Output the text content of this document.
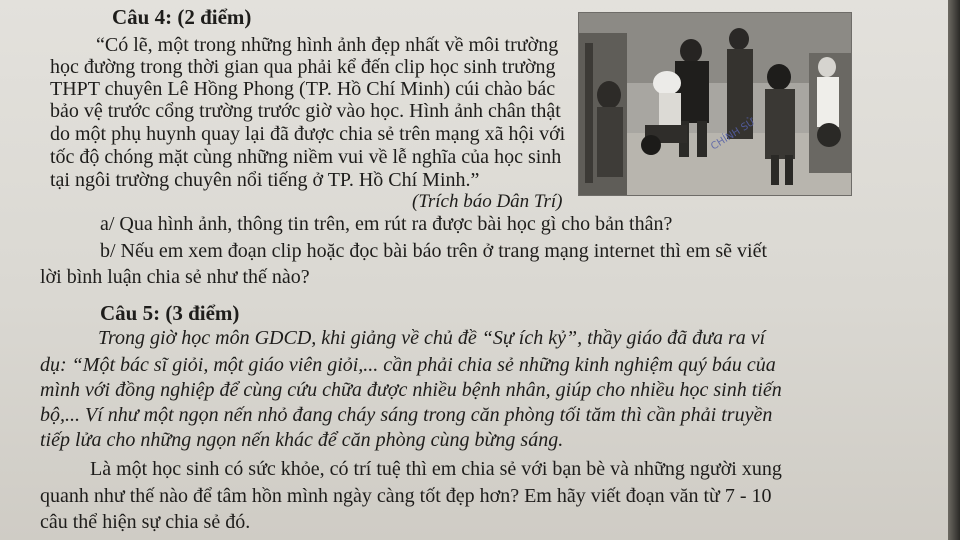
Câu 4: (2 điểm)
“Có lẽ, một trong những hình ảnh đẹp nhất về môi trường
học đường trong thời gian qua phải kể đến clip học sinh trường
THPT chuyên Lê Hồng Phong (TP. Hồ Chí Minh) cúi chào bác
bảo vệ trước cổng trường trước giờ vào học. Hình ảnh chân thật
do một phụ huynh quay lại đã được chia sẻ trên mạng xã hội với
tốc độ chóng mặt cùng những niềm vui về lễ nghĩa của học sinh
tại ngôi trường chuyên nổi tiếng ở TP. Hồ Chí Minh.”
(Trích báo Dân Trí)
CHÍNH SỬ
a/ Qua hình ảnh, thông tin trên, em rút ra được bài học gì cho bản thân?
b/ Nếu em xem đoạn clip hoặc đọc bài báo trên ở trang mạng internet thì em sẽ viết
lời bình luận chia sẻ như thế nào?
Câu 5: (3 điểm)
Trong giờ học môn GDCD, khi giảng về chủ đề “Sự ích kỷ”, thầy giáo đã đưa ra ví
dụ: “Một bác sĩ giỏi, một giáo viên giỏi,... cần phải chia sẻ những kinh nghiệm quý báu của
mình với đồng nghiệp để cùng cứu chữa được nhiều bệnh nhân, giúp cho nhiều học sinh tiến
bộ,... Ví như một ngọn nến nhỏ đang cháy sáng trong căn phòng tối tăm thì cần phải truyền
tiếp lửa cho những ngọn nến khác để căn phòng cùng bừng sáng.
Là một học sinh có sức khỏe, có trí tuệ thì em chia sẻ với bạn bè và những người xung
quanh như thế nào để tâm hồn mình ngày càng tốt đẹp hơn? Em hãy viết đoạn văn từ 7 - 10
câu thể hiện sự chia sẻ đó.
